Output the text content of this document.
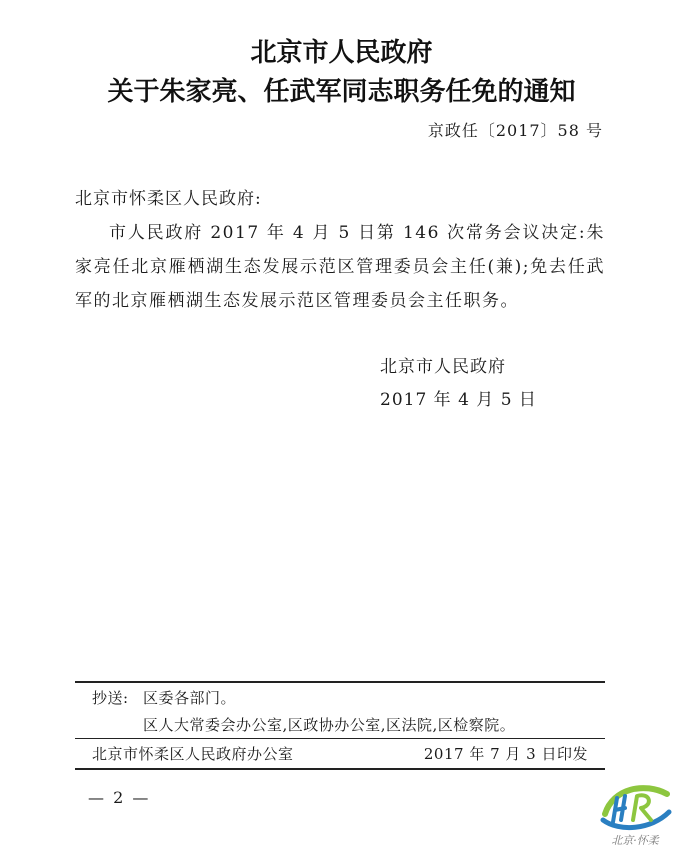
北京市人民政府
关于朱家亮、任武军同志职务任免的通知
京政任〔2017〕58 号
北京市怀柔区人民政府:

市人民政府 2017 年 4 月 5 日第 146 次常务会议决定:朱家亮任北京雁栖湖生态发展示范区管理委员会主任(兼);免去任武军的北京雁栖湖生态发展示范区管理委员会主任职务。

北京市人民政府
2017 年 4 月 5 日
抄送: 区委各部门。
区人大常委会办公室,区政协办公室,区法院,区检察院。
北京市怀柔区人民政府办公室	2017 年 7 月 3 日印发
— 2 —
北京·怀柔
